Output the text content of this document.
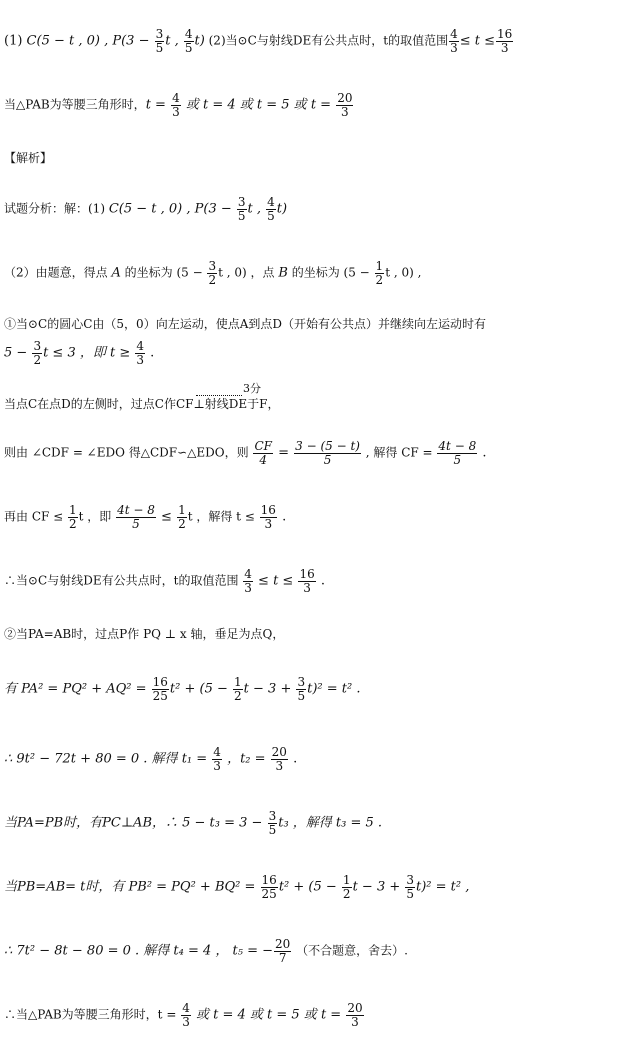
(1) C(5 − t , 0) , $P(3 - \frac{3}{5}$ t , $\frac{4}{5} t$) (2)当⊙C与射线DE有公共点时，t的取值范围 $\frac{4}{3} \le t \le \frac{16}{3}$
当△PAB为等腰三角形时，$t = \frac{4}{3}$ 或 t = 4 或 t = 5 或 $t = \frac{20}{3}$
【解析】
试题分析：解：(1) C(5 − t , 0) , $P(3 - \frac{3}{5}$ t , $\frac{4}{5} t$)
（2）由题意，得点 A 的坐标为 ($5 - \frac{3}{2}$ t , 0) ，点 B 的坐标为 ($5 - \frac{1}{2}$ t , 0) ,
①当⊙C的圆心C由（5，0）向左运动，使点A到点D（开始有公共点）并继续向左运动时有
$5 - \frac{3}{2}$ t ≤ 3 ，即 $t \ge \frac{4}{3}$ .
3分
当点C在点D的左侧时，过点C作CF⊥射线DE于F，
则由 ∠CDF = ∠EDO 得△CDF∽△EDO，则 $\frac{CF}{4} = \frac{3 - (5 - t)}{5}$ , 解得 CF = $\frac{4t - 8}{5}$ .
再由 CF ≤ $\frac{1}{2}$ t ，即 $\frac{4t - 8}{5} \le \frac{1}{2}$ t ，解得 $t \le \frac{16}{3}$ .
∴当⊙C与射线DE有公共点时，t的取值范围 $\frac{4}{3} \le t \le \frac{16}{3}$ .
②当PA=AB时，过点P作 PQ ⊥ x 轴，垂足为点Q，
有 $PA^2 = PQ^2 + AQ^2 = \frac{16}{25} t^2 + (5 - \frac{1}{2}$ $t - 3 + \frac{3}{5} t)^2 = t^2$ .
∴ 9t² − 72t + 80 = 0 . 解得 $t_1 = \frac{4}{3}$ ，$t_2 = \frac{20}{3}$ .
当PA=PB时，有PC⊥AB，∴ $5 - t_3 = 3 - \frac{3}{5} t_3$ ，解得 t₃ = 5 .
当PB=AB= t时，有 $PB^2 = PQ^2 + BQ^2 = \frac{16}{25} t^2 + (5 - \frac{1}{2}$ $t - 3 + \frac{3}{5} t)^2 = t^2$ ,
∴ 7t² − 8t − 80 = 0 . 解得 t₄ = 4 ， t₅ = − $\frac{20}{7}$ （不合题意，舍去）.
∴当△PAB为等腰三角形时，$t = \frac{4}{3}$ 或 t = 4 或 t = 5 或 $t = \frac{20}{3}$
